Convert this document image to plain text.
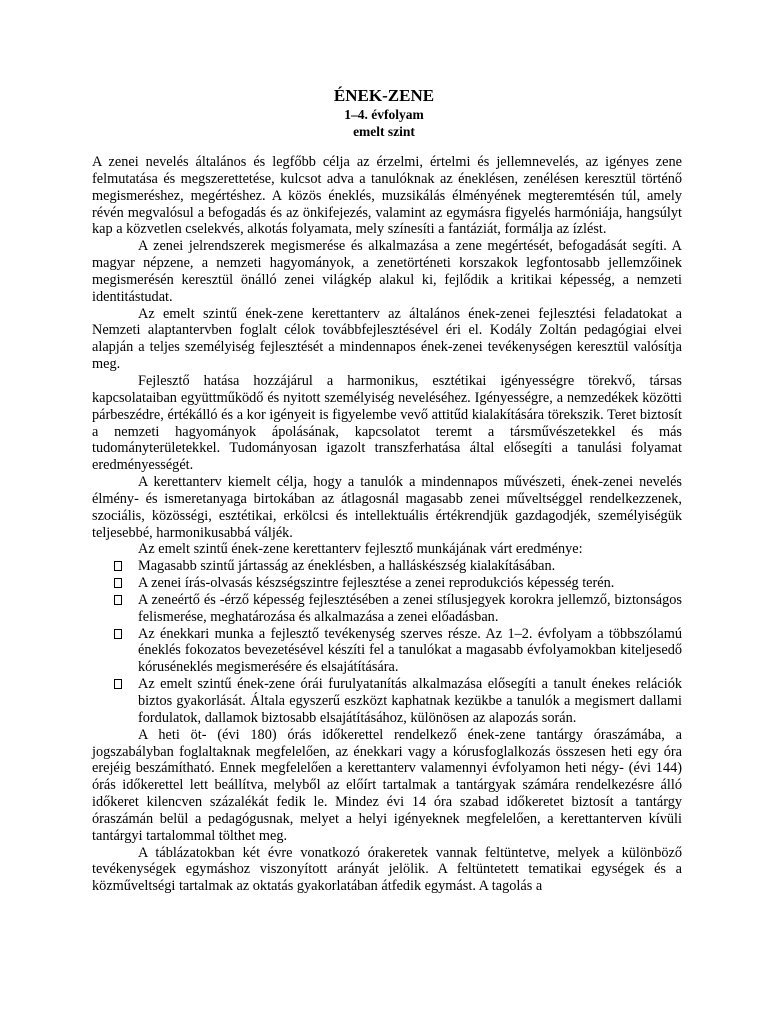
ÉNEK-ZENE
1–4. évfolyam
emelt szint

A zenei nevelés általános és legfőbb célja az érzelmi, értelmi és jellemnevelés, az igényes zene felmutatása és megszerettetése, kulcsot adva a tanulóknak az éneklésen, zenélésen keresztül történő megismeréshez, megértéshez. A közös éneklés, muzsikálás élményének megteremtésén túl, amely révén megvalósul a befogadás és az önkifejezés, valamint az egymásra figyelés harmóniája, hangsúlyt kap a közvetlen cselekvés, alkotás folyamata, mely színesíti a fantáziát, formálja az ízlést.

A zenei jelrendszerek megismerése és alkalmazása a zene megértését, befogadását segíti. A magyar népzene, a nemzeti hagyományok, a zenetörténeti korszakok legfontosabb jellemzőinek megismerésén keresztül önálló zenei világkép alakul ki, fejlődik a kritikai képesség, a nemzeti identitástudat.

Az emelt szintű ének-zene kerettanterv az általános ének-zenei fejlesztési feladatokat a Nemzeti alaptantervben foglalt célok továbbfejlesztésével éri el. Kodály Zoltán pedagógiai elvei alapján a teljes személyiség fejlesztését a mindennapos ének-zenei tevékenységen keresztül valósítja meg.

Fejlesztő hatása hozzájárul a harmonikus, esztétikai igényességre törekvő, társas kapcsolataiban együttműködő és nyitott személyiség neveléséhez. Igényességre, a nemzedékek közötti párbeszédre, értékálló és a kor igényeit is figyelembe vevő attitűd kialakítására törekszik. Teret biztosít a nemzeti hagyományok ápolásának, kapcsolatot teremt a társművészetekkel és más tudományterületekkel. Tudományosan igazolt transzferhatása által elősegíti a tanulási folyamat eredményességét.

A kerettanterv kiemelt célja, hogy a tanulók a mindennapos művészeti, ének-zenei nevelés élmény- és ismeretanyaga birtokában az átlagosnál magasabb zenei műveltséggel rendelkezzenek, szociális, közösségi, esztétikai, erkölcsi és intellektuális értékrendjük gazdagodjék, személyiségük teljesebbé, harmonikusabbá váljék.

Az emelt szintű ének-zene kerettanterv fejlesztő munkájának várt eredménye:

Magasabb szintű jártasság az éneklésben, a halláskészség kialakításában.
A zenei írás-olvasás készségszintre fejlesztése a zenei reprodukciós képesség terén.
A zeneértő és -érző képesség fejlesztésében a zenei stílusjegyek korokra jellemző, biztonságos felismerése, meghatározása és alkalmazása a zenei előadásban.
Az énekkari munka a fejlesztő tevékenység szerves része. Az 1–2. évfolyam a többszólamú éneklés fokozatos bevezetésével készíti fel a tanulókat a magasabb évfolyamokban kiteljesedő kóruséneklés megismerésére és elsajátítására.
Az emelt szintű ének-zene órái furulyatanítás alkalmazása elősegíti a tanult énekes relációk biztos gyakorlását. Általa egyszerű eszközt kaphatnak kezükbe a tanulók a megismert dallami fordulatok, dallamok biztosabb elsajátításához, különösen az alapozás során.

A heti öt- (évi 180) órás időkerettel rendelkező ének-zene tantárgy óraszámába, a jogszabályban foglaltaknak megfelelően, az énekkari vagy a kórusfoglalkozás összesen heti egy óra erejéig beszámítható. Ennek megfelelően a kerettanterv valamennyi évfolyamon heti négy- (évi 144) órás időkerettel lett beállítva, melyből az előírt tartalmak a tantárgyak számára rendelkezésre álló időkeret kilencven százalékát fedik le. Mindez évi 14 óra szabad időkeretet biztosít a tantárgy óraszámán belül a pedagógusnak, melyet a helyi igényeknek megfelelően, a kerettanterven kívüli tantárgyi tartalommal tölthet meg.

A táblázatokban két évre vonatkozó órakeretek vannak feltüntetve, melyek a különböző tevékenységek egymáshoz viszonyított arányát jelölik. A feltüntetett tematikai egységek és a közműveltségi tartalmak az oktatás gyakorlatában átfedik egymást. A tagolás a
